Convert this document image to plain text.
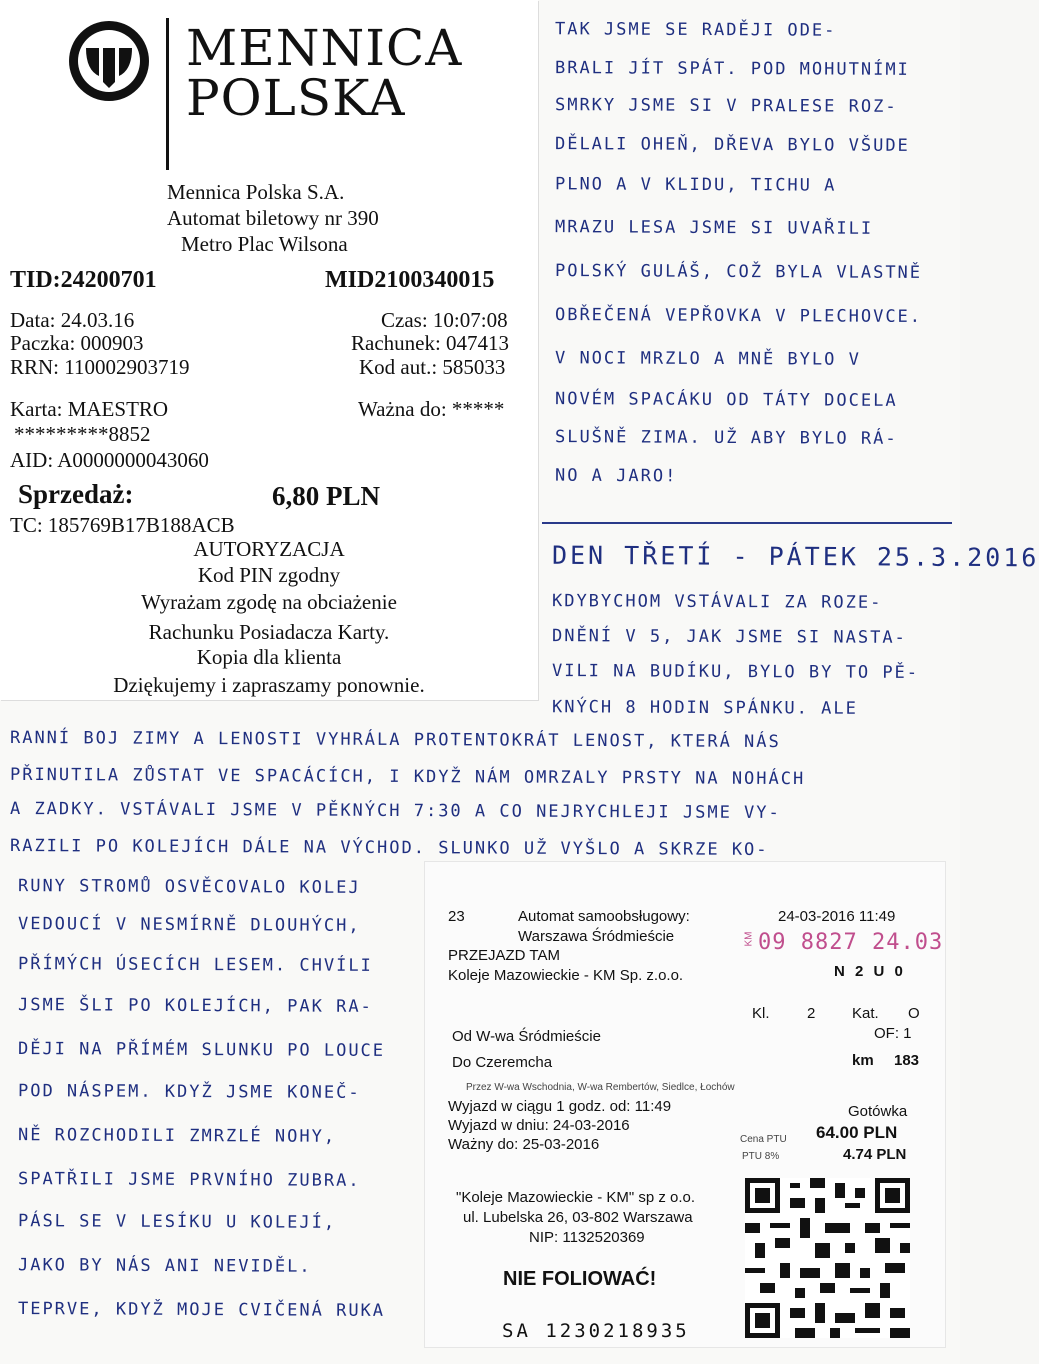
MENNICA
POLSKA
Mennica Polska S.A.
Automat biletowy nr 390
Metro Plac Wilsona
TID:24200701	MID2100340015
Data: 24.03.16	Czas: 10:07:08
Paczka: 000903	Rachunek: 047413
RRN: 110002903719	Kod aut.: 585033
Karta: MAESTRO	Ważna do: *****
*********8852
AID: A0000000043060
Sprzedaż:	6,80 PLN
TC: 185769B17B188ACB
AUTORYZACJA
Kod PIN zgodny
Wyrażam zgodę na obciażenie
Rachunku Posiadacza Karty.
Kopia dla klienta
Dziękujemy i zapraszamy ponownie.
TAK JSME SE RADĚJI ODE-
BRALI JÍT SPÁT. POD MOHUTNÍMI
SMRKY JSME SI V PRALESE ROZ-
DĚLALI OHEŇ, DŘEVA BYLO VŠUDE
PLNO A V KLIDU, TICHU A
MRAZU LESA JSME SI UVAŘILI
POLSKÝ GULÁŠ, COŽ BYLA VLASTNĚ
OBŘEČENÁ VEPŘOVKA V PLECHOVCE.
V NOCI MRZLO A MNĚ BYLO V
NOVÉM SPACÁKU OD TÁTY DOCELA
SLUŠNĚ ZIMA. UŽ ABY BYLO RÁ-
NO A JARO!
DEN TŘETÍ - PÁTEK 25.3.2016
KDYBYCHOM VSTÁVALI ZA ROZE-
DNĚNÍ V 5, JAK JSME SI NASTA-
VILI NA BUDÍKU, BYLO BY TO PĚ-
KNÝCH 8 HODIN SPÁNKU. ALE
RANNÍ BOJ ZIMY A LENOSTI VYHRÁLA PROTENTOKRÁT LENOST, KTERÁ NÁS
PŘINUTILA ZŮSTAT VE SPACÁCÍCH, I KDYŽ NÁM OMRZALY PRSTY NA NOHÁCH
A ZADKY. VSTÁVALI JSME V PĚKNÝCH 7:30 A CO NEJRYCHLEJI JSME VY-
RAZILI PO KOLEJÍCH DÁLE NA VÝCHOD. SLUNKO UŽ VYŠLO A SKRZE KO-
RUNY STROMŮ OSVĚCOVALO KOLEJ
VEDOUCÍ V NESMÍRNĚ DLOUHÝCH,
PŘÍMÝCH ÚSECÍCH LESEM. CHVÍLI
JSME ŠLI PO KOLEJÍCH, PAK RA-
DĚJI NA PŘÍMÉM SLUNKU PO LOUCE
POD NÁSPEM. KDYŽ JSME KONEČ-
NĚ ROZCHODILI ZMRZLÉ NOHY,
SPATŘILI JSME PRVNÍHO ZUBRA.
PÁSL SE V LESÍKU U KOLEJÍ,
JAKO BY NÁS ANI NEVIDĚL.
TEPRVE, KDYŽ MOJE CVIČENÁ RUKA
23	Automat samoobsługowy:
Warszawa Śródmieście
24-03-2016 11:49
KM 09 8827 24.03
N 2 U 0
PRZEJAZD TAM
Koleje Mazowieckie - KM Sp. z.o.o.
Kl. 2 Kat. O
OF: 1
Od W-wa Śródmieście
Do Czeremcha	km 183
Przez W-wa Wschodnia, W-wa Rembertów, Siedlce, Łochów
Wyjazd w ciągu 1 godz. od: 11:49
Wyjazd w dniu: 24-03-2016
Ważny do: 25-03-2016
Gotówka
Cena PTU 64.00 PLN
PTU 8%	4.74 PLN
"Koleje Mazowieckie - KM" sp z o.o.
ul. Lubelska 26, 03-802 Warszawa
NIP: 1132520369
NIE FOLIOWAĆ!
SA 1230218935
